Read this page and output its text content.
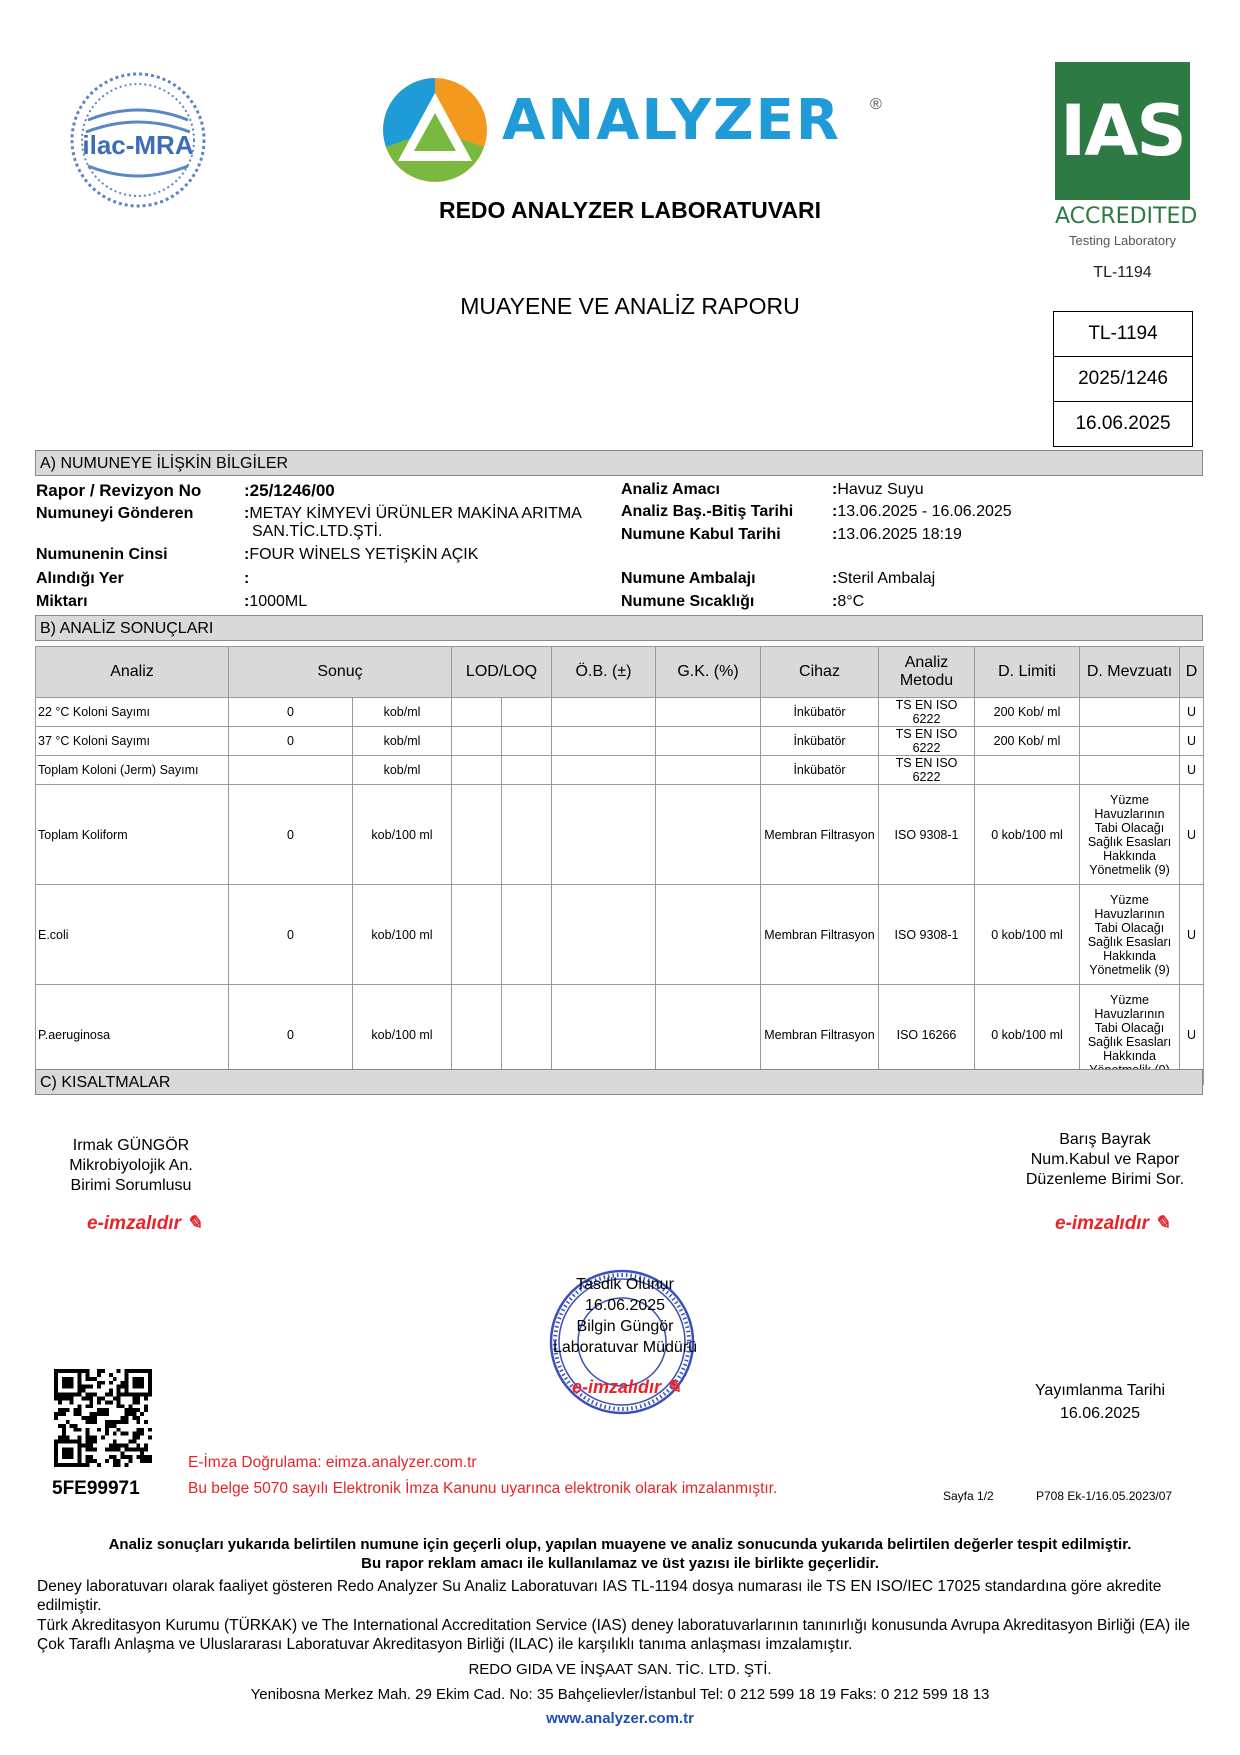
ilac-MRA	ANALYZER ®
REDO ANALYZER LABORATUVARI
MUAYENE VE ANALİZ RAPORU
IAS
ACCREDITED
Testing Laboratory
TL-1194
TL-1194
2025/1246
16.06.2025
A) NUMUNEYE İLİŞKİN BİLGİLER
Rapor / Revizyon No	:25/1246/00
Numuneyi Gönderen	:METAY KİMYEVİ ÜRÜNLER MAKİNA ARITMA
SAN.TİC.LTD.ŞTİ.
Numunenin Cinsi	:FOUR WİNELS YETİŞKİN AÇIK
Alındığı Yer	:
Miktarı	:1000ML
Analiz Amacı	:Havuz Suyu
Analiz Baş.-Bitiş Tarihi :13.06.2025 - 16.06.2025
Numune Kabul Tarihi	:13.06.2025 18:19
Numune Ambalajı	:Steril Ambalaj
Numune Sıcaklığı	:8°C
B) ANALİZ SONUÇLARI
Analiz	Sonuç		LOD/LOQ		Ö.B. (±)	G.K. (%)	Cihaz	Analiz Metodu	D. Limiti	D. Mevzuatı	D
22 °C Koloni Sayımı	0	kob/ml					İnkübatör	TS EN ISO 6222	200 Kob/ ml		U
37 °C Koloni Sayımı	0	kob/ml					İnkübatör	TS EN ISO 6222	200 Kob/ ml		U
Toplam Koloni (Jerm) Sayımı		kob/ml					İnkübatör	TS EN ISO 6222			U
Toplam Koliform	0	kob/100 ml					Membran Filtrasyon	ISO 9308-1	0 kob/100 ml	Yüzme Havuzlarının Tabi Olacağı Sağlık Esasları Hakkında Yönetmelik (9)	U
E.coli	0	kob/100 ml					Membran Filtrasyon	ISO 9308-1	0 kob/100 ml	Yüzme Havuzlarının Tabi Olacağı Sağlık Esasları Hakkında Yönetmelik (9)	U
P.aeruginosa	0	kob/100 ml					Membran Filtrasyon	ISO 16266	0 kob/100 ml	Yüzme Havuzlarının Tabi Olacağı Sağlık Esasları Hakkında	U
C) KISALTMALAR
Irmak GÜNGÖR
Mikrobiyolojik An.
Birimi Sorumlusu
e-imzalıdır ✎
Barış Bayrak
Num.Kabul ve Rapor
Düzenleme Birimi Sor.
e-imzalıdır ✎
Tasdik Olunur
16.06.2025
Bilgin Güngör
Laboratuvar Müdürü
e-imzalıdır ✎
5FE99971
E-İmza Doğrulama: eimza.analyzer.com.tr
Bu belge 5070 sayılı Elektronik İmza Kanunu uyarınca elektronik olarak imzalanmıştır.
Yayımlanma Tarihi
16.06.2025
Sayfa 1/2	P708 Ek-1/16.05.2023/07
Analiz sonuçları yukarıda belirtilen numune için geçerli olup, yapılan muayene ve analiz sonucunda yukarıda belirtilen değerler tespit edilmiştir.
Bu rapor reklam amacı ile kullanılamaz ve üst yazısı ile birlikte geçerlidir.
Deney laboratuvarı olarak faaliyet gösteren Redo Analyzer Su Analiz Laboratuvarı IAS TL-1194 dosya numarası ile TS EN ISO/IEC 17025 standardına göre akredite edilmiştir.
Türk Akreditasyon Kurumu (TÜRKAK) ve The International Accreditation Service (IAS) deney laboratuvarlarının tanınırlığı konusunda Avrupa Akreditasyon Birliği (EA) ile Çok Taraflı Anlaşma ve Uluslararası Laboratuvar Akreditasyon Birliği (ILAC) ile karşılıklı tanıma anlaşması imzalamıştır.
REDO GIDA VE İNŞAAT SAN. TİC. LTD. ŞTİ.
Yenibosna Merkez Mah. 29 Ekim Cad. No: 35 Bahçelievler/İstanbul Tel: 0 212 599 18 19 Faks: 0 212 599 18 13
www.analyzer.com.tr
